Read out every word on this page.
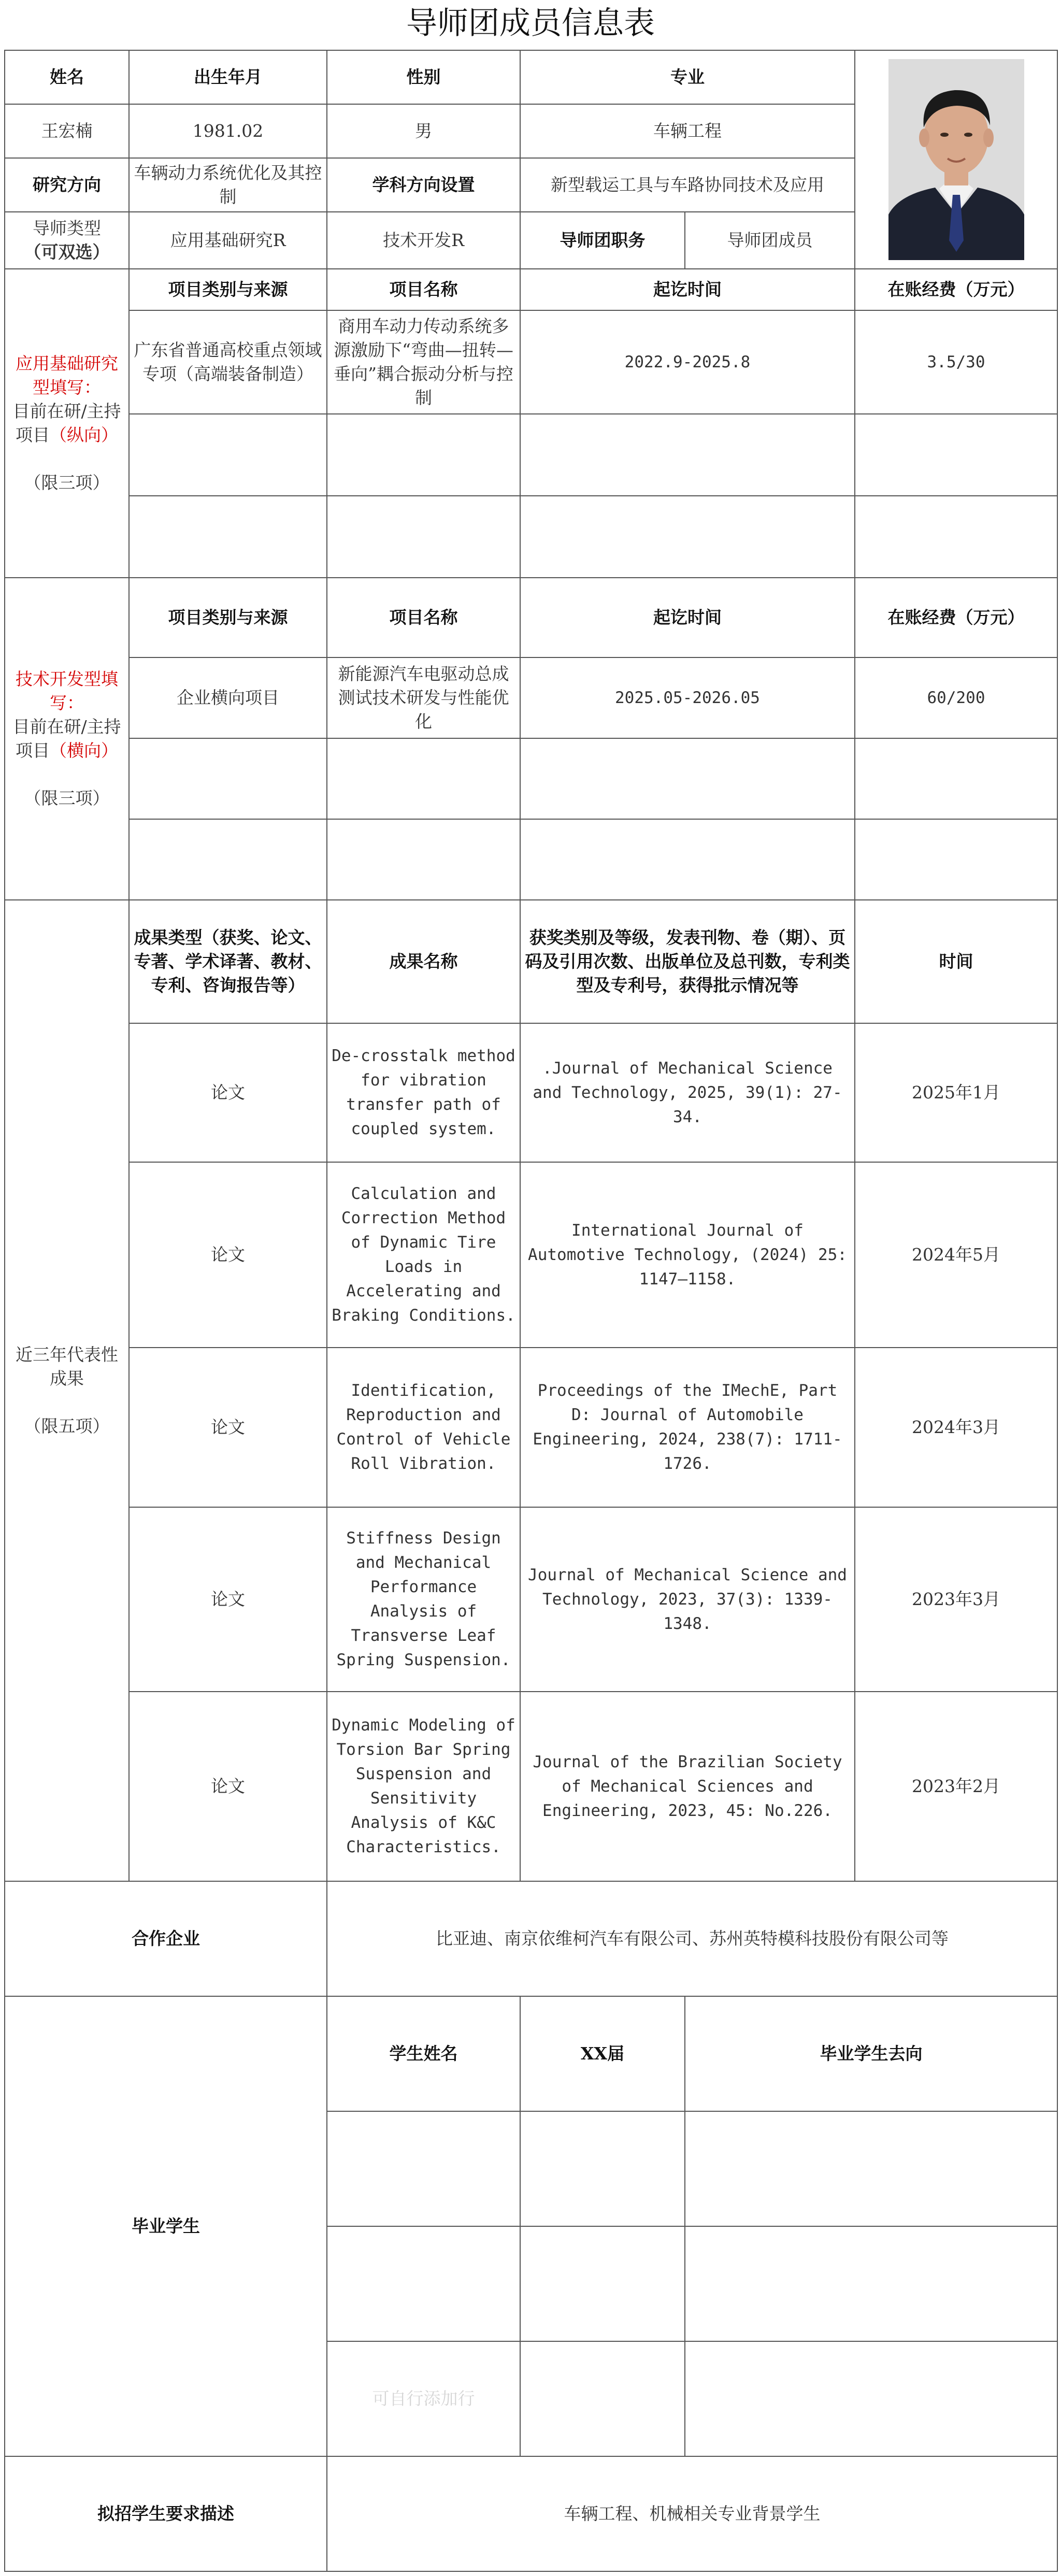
导师团成员信息表
姓名	出生年月	性别	专业	

王宏楠	1981.02	男	车辆工程		
研究方向	车辆动力系统优化及其控制	学科方向设置	新型载运工具与车路协同技术及应用		

导师类型
（可双选）	应用基础研究R	技术开发R	导师团职务	导师团成员	

应用基础研究型填写：
目前在研/主持项目（纵向）
（限三项）	项目类别与来源	项目名称	起讫时间		在账经费（万元）
	广东省普通高校重点领域专项（高端装备制造）	商用车动力传动系统多源激励下“弯曲—扭转—垂向”耦合振动分析与控制	2022.9-2025.8		3.5/30

技术开发型填写：
目前在研/主持项目（横向）
（限三项）	项目类别与来源	项目名称	起讫时间		在账经费（万元）
	企业横向项目	新能源汽车电驱动总成测试技术研发与性能优化	2025.05-2026.05		60/200

近三年代表性成果
（限五项）	成果类型（获奖、论文、专著、学术译著、教材、专利、咨询报告等）	成果名称	获奖类别及等级，发表刊物、卷（期）、页码及引用次数、出版单位及总刊数，专利类型及专利号，获得批示情况等		时间
	论文	De-crosstalk method for vibration transfer path of coupled system.	.Journal of Mechanical Science and Technology, 2025, 39(1): 27-34.		2025年1月
	论文	Calculation and Correction Method of Dynamic Tire Loads in Accelerating and Braking Conditions.	International Journal of Automotive Technology, (2024) 25: 1147–1158.		2024年5月
	论文	Identification, Reproduction and Control of Vehicle Roll Vibration.	Proceedings of the IMechE, Part D: Journal of Automobile Engineering, 2024, 238(7): 1711-1726.		2024年3月
	论文	Stiffness Design and Mechanical Performance Analysis of Transverse Leaf Spring Suspension.	Journal of Mechanical Science and Technology, 2023, 37(3): 1339-1348.		2023年3月
	论文	Dynamic Modeling of Torsion Bar Spring Suspension and Sensitivity Analysis of K&C Characteristics.	Journal of the Brazilian Society of Mechanical Sciences and Engineering, 2023, 45: No.226.		2023年2月
合作企业		比亚迪、南京依维柯汽车有限公司、苏州英特模科技股份有限公司等			
毕业学生		学生姓名	XX届	毕业学生去向	

		可自行添加行			
拟招学生要求描述		车辆工程、机械相关专业背景学生			
